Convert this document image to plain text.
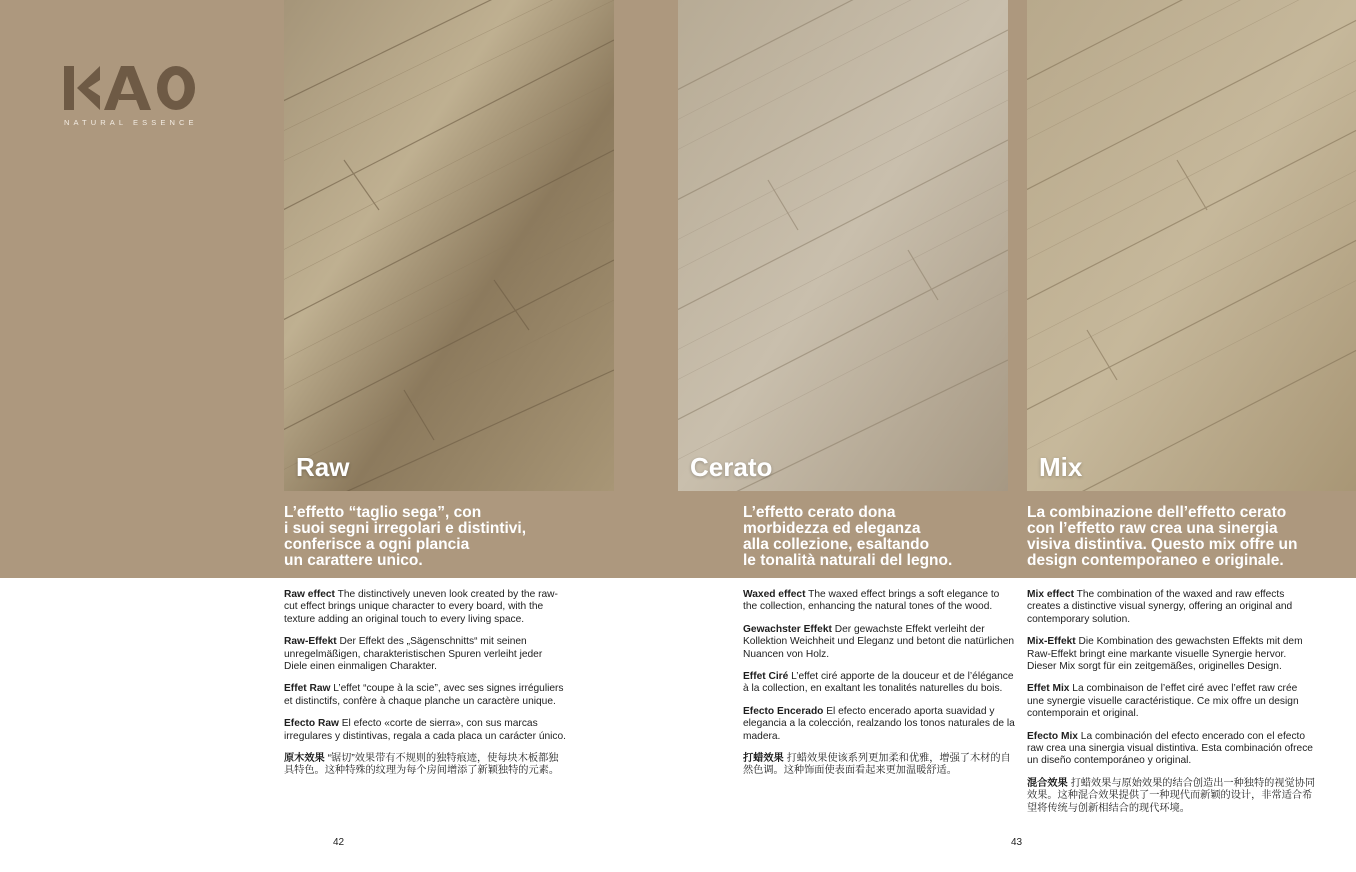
NATURAL ESSENCE
Raw	Cerato	Mix
L’effetto “taglio sega”, con
i suoi segni irregolari e distintivi,
conferisce a ogni plancia
un carattere unico.
L’effetto cerato dona
morbidezza ed eleganza
alla collezione, esaltando
le tonalità naturali del legno.
La combinazione dell’effetto cerato
con l’effetto raw crea una sinergia
visiva distintiva. Questo mix offre un
design contemporaneo e originale.

Raw effect The distinctively uneven look created by the raw-cut effect brings unique character to every board, with the texture adding an original touch to every living space.

Raw-Effekt Der Effekt des „Sägenschnitts“ mit seinen unregelmäßigen, charakteristischen Spuren verleiht jeder Diele einen einmaligen Charakter.

Effet Raw L’effet “coupe à la scie”, avec ses signes irréguliers et distinctifs, confère à chaque planche un caractère unique.

Efecto Raw El efecto «corte de sierra», con sus marcas irregulares y distintivas, regala a cada placa un carácter único.

原木效果 “锯切”效果带有不规则的独特痕迹，使每块木板都独具特色。这种特殊的纹理为每个房间增添了新颖独特的元素。

Waxed effect The waxed effect brings a soft elegance to the collection, enhancing the natural tones of the wood.

Gewachster Effekt Der gewachste Effekt verleiht der Kollektion Weichheit und Eleganz und betont die natürlichen Nuancen von Holz.

Effet Ciré L’effet ciré apporte de la douceur et de l’élégance à la collection, en exaltant les tonalités naturelles du bois.

Efecto Encerado El efecto encerado aporta suavidad y elegancia a la colección, realzando los tonos naturales de la madera.

打蜡效果 打蜡效果使该系列更加柔和优雅，增强了木材的自然色调。这种饰面使表面看起来更加温暖舒适。

Mix effect The combination of the waxed and raw effects creates a distinctive visual synergy, offering an original and contemporary solution.

Mix-Effekt Die Kombination des gewachsten Effekts mit dem Raw-Effekt bringt eine markante visuelle Synergie hervor. Dieser Mix sorgt für ein zeitgemäßes, originelles Design.

Effet Mix La combinaison de l’effet ciré avec l’effet raw crée une synergie visuelle caractéristique. Ce mix offre un design contemporain et original.

Efecto Mix La combinación del efecto encerado con el efecto raw crea una sinergia visual distintiva. Esta combinación ofrece un diseño contemporáneo y original.

混合效果 打蜡效果与原始效果的结合创造出一种独特的视觉协同效果。这种混合效果提供了一种现代而新颖的设计，非常适合希望将传统与创新相结合的现代环境。

42	43
